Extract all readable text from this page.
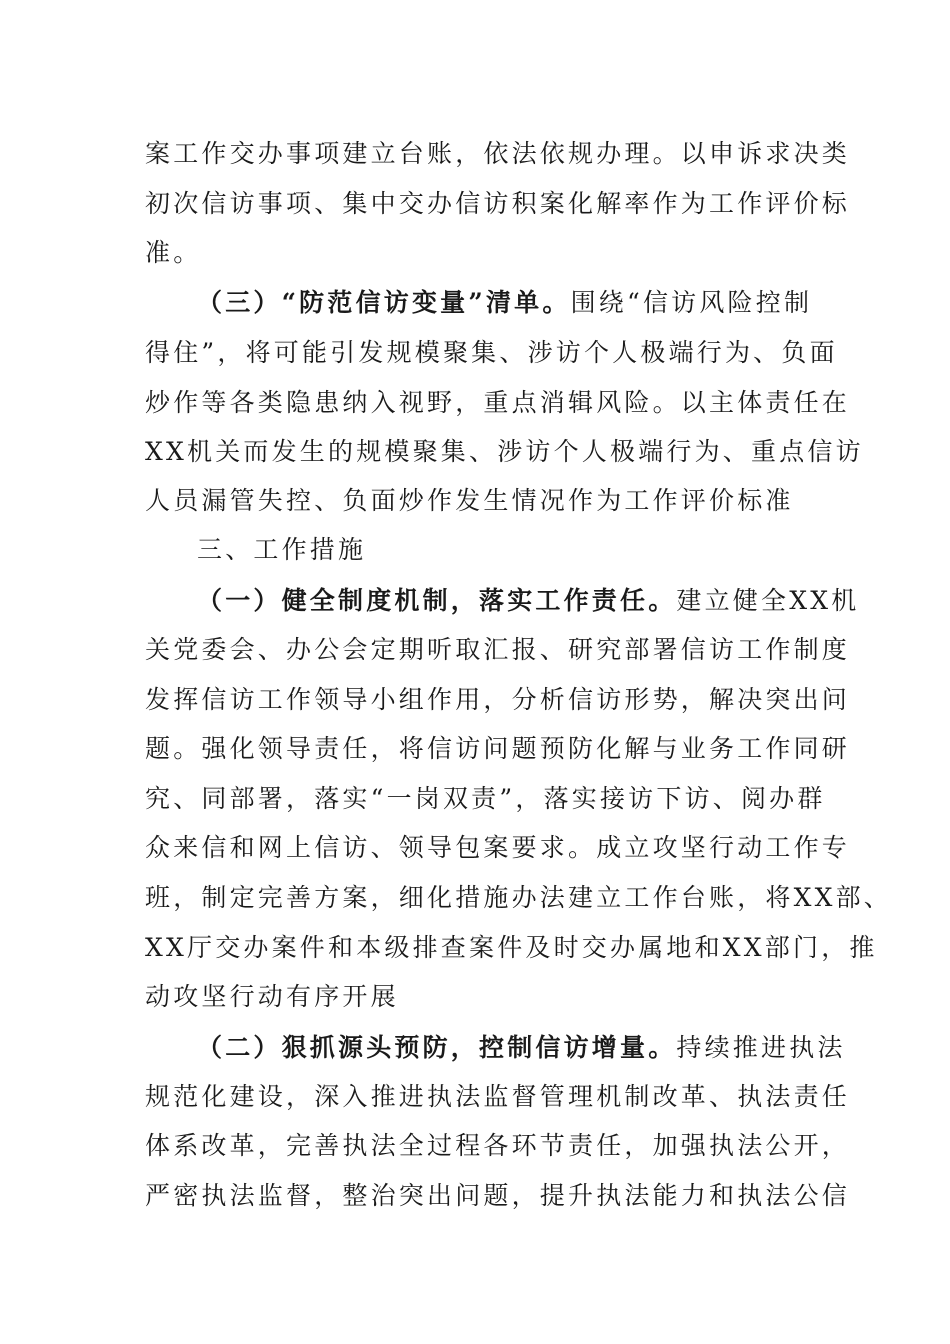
案工作交办事项建立台账，依法依规办理。以申诉求决类
初次信访事项、集中交办信访积案化解率作为工作评价标
准。
（三）“防范信访变量”清单。围绕“信访风险控制
得住”，将可能引发规模聚集、涉访个人极端行为、负面
炒作等各类隐患纳入视野，重点消辑风险。以主体责任在
XX机关而发生的规模聚集、涉访个人极端行为、重点信访
人员漏管失控、负面炒作发生情况作为工作评价标准
三、工作措施
（一）健全制度机制，落实工作责任。建立健全XX机
关党委会、办公会定期听取汇报、研究部署信访工作制度
发挥信访工作领导小组作用，分析信访形势，解决突出问
题。强化领导责任，将信访问题预防化解与业务工作同研
究、同部署，落实“一岗双责”，落实接访下访、阅办群
众来信和网上信访、领导包案要求。成立攻坚行动工作专
班，制定完善方案，细化措施办法建立工作台账，将XX部、
XX厅交办案件和本级排查案件及时交办属地和XX部门，推
动攻坚行动有序开展
（二）狠抓源头预防，控制信访增量。持续推进执法
规范化建设，深入推进执法监督管理机制改革、执法责任
体系改革，完善执法全过程各环节责任，加强执法公开，
严密执法监督，整治突出问题，提升执法能力和执法公信
